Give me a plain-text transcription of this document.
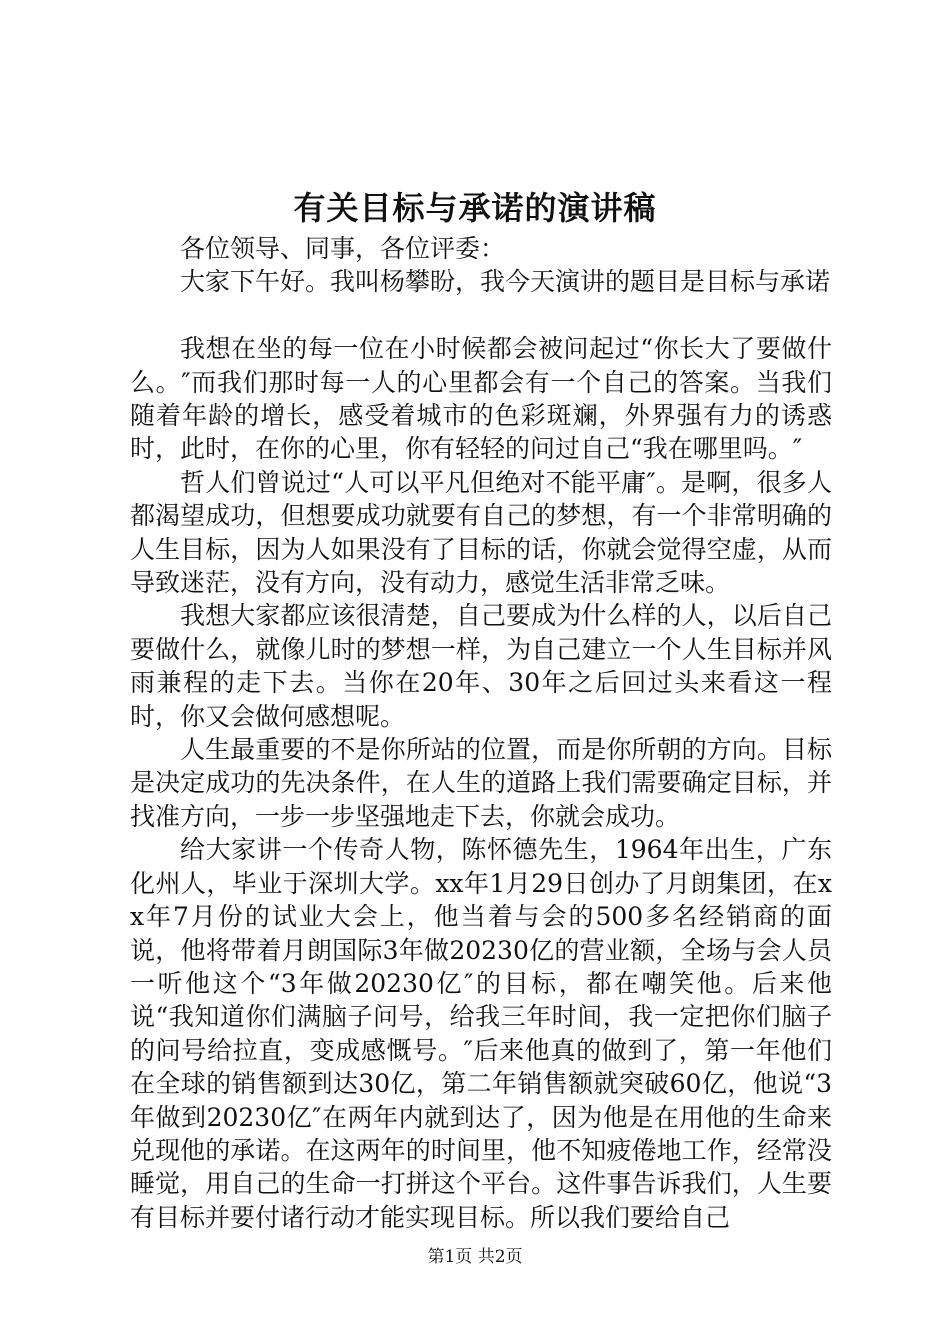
有关目标与承诺的演讲稿

各位领导、同事，各位评委：

大家下午好。我叫杨攀盼，我今天演讲的题目是目标与承诺

我想在坐的每一位在小时候都会被问起过“你长大了要做什么。″而我们那时每一人的心里都会有一个自己的答案。当我们随着年龄的增长，感受着城市的色彩斑斓，外界强有力的诱惑时，此时，在你的心里，你有轻轻的问过自己“我在哪里吗。″

哲人们曾说过“人可以平凡但绝对不能平庸″。是啊，很多人都渴望成功，但想要成功就要有自己的梦想，有一个非常明确的人生目标，因为人如果没有了目标的话，你就会觉得空虚，从而导致迷茫，没有方向，没有动力，感觉生活非常乏味。

我想大家都应该很清楚，自己要成为什么样的人，以后自己要做什么，就像儿时的梦想一样，为自己建立一个人生目标并风雨兼程的走下去。当你在20年、30年之后回过头来看这一程时，你又会做何感想呢。

人生最重要的不是你所站的位置，而是你所朝的方向。目标是决定成功的先决条件，在人生的道路上我们需要确定目标，并找准方向，一步一步坚强地走下去，你就会成功。

给大家讲一个传奇人物，陈怀德先生，1964年出生，广东化州人，毕业于深圳大学。xx年1月29日创办了月朗集团，在xx年7月份的试业大会上，他当着与会的500多名经销商的面说，他将带着月朗国际3年做20230亿的营业额，全场与会人员一听他这个“3年做20230亿″的目标，都在嘲笑他。后来他说“我知道你们满脑子问号，给我三年时间，我一定把你们脑子的问号给拉直，变成感慨号。″后来他真的做到了，第一年他们在全球的销售额到达30亿，第二年销售额就突破60亿，他说“3年做到20230亿″在两年内就到达了，因为他是在用他的生命来兑现他的承诺。在这两年的时间里，他不知疲倦地工作，经常没睡觉，用自己的生命一打拼这个平台。这件事告诉我们，人生要有目标并要付诸行动才能实现目标。所以我们要给自己

第1页 共2页
